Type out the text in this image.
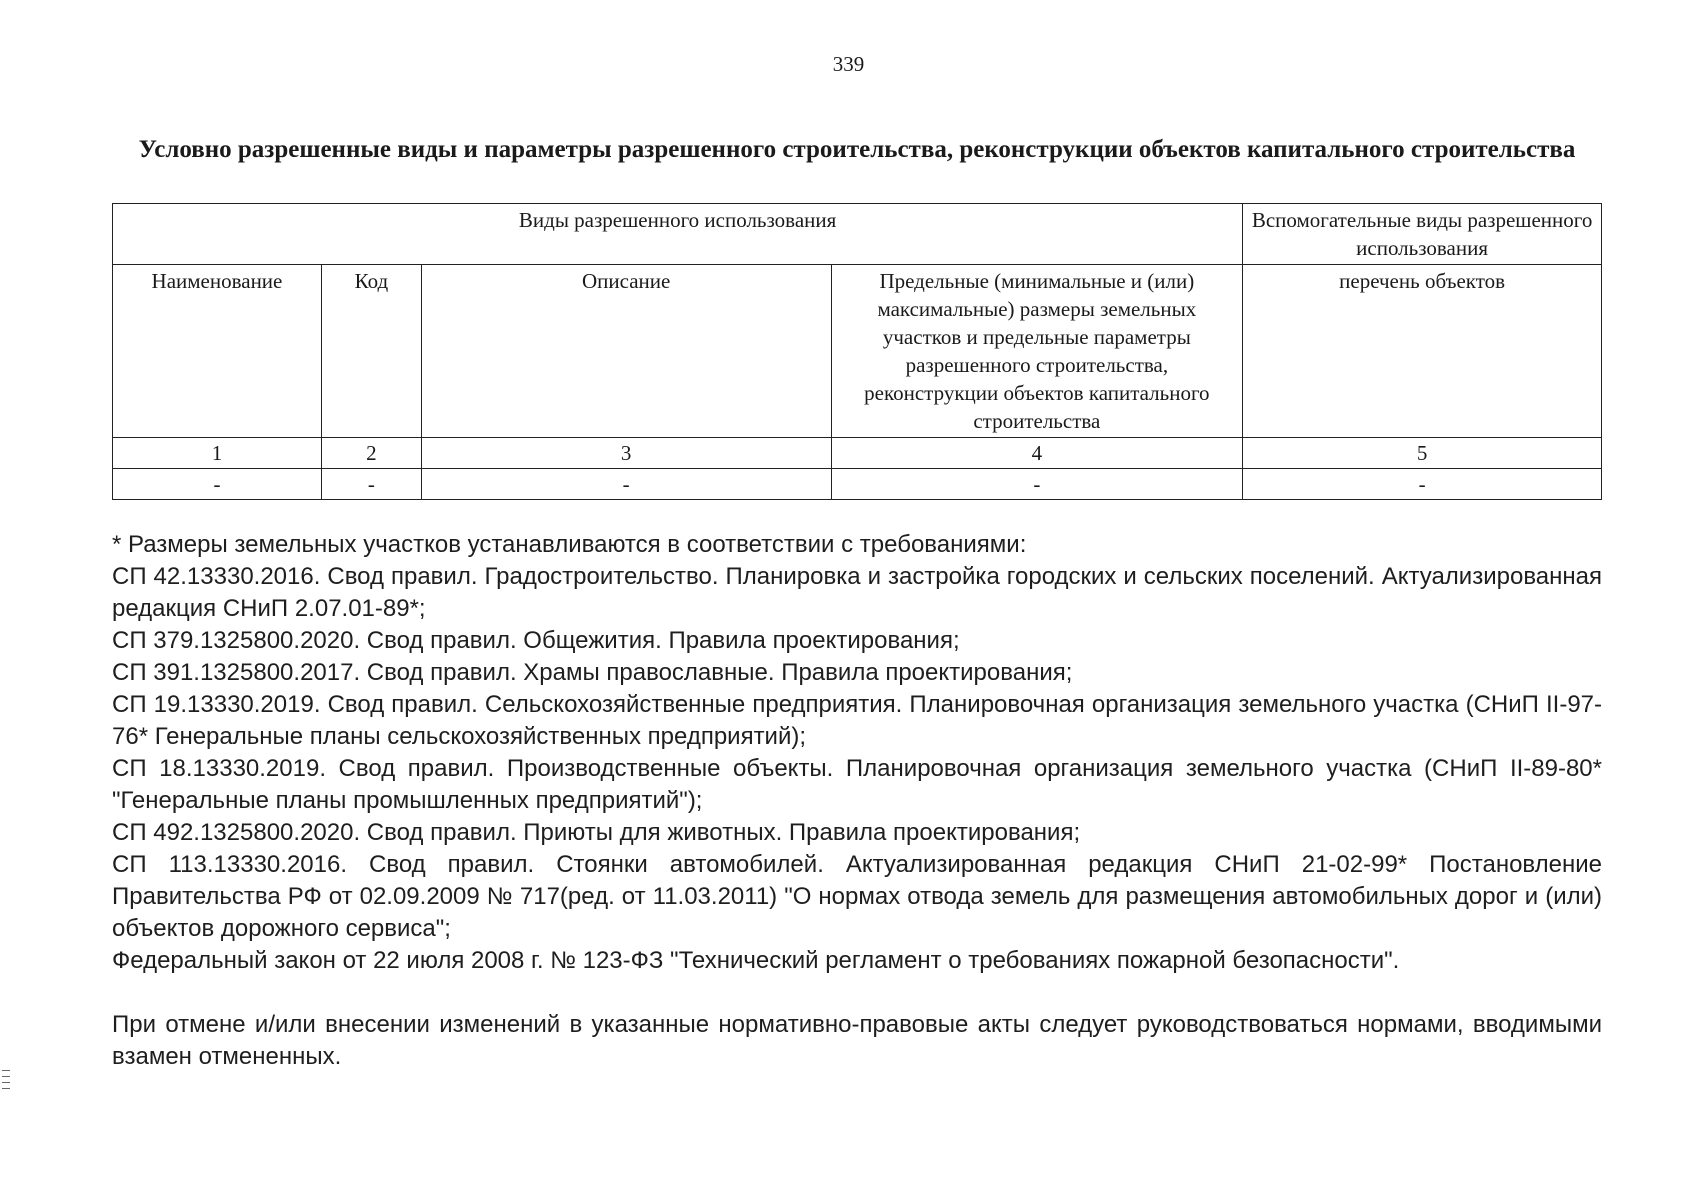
339
Условно разрешенные виды и параметры разрешенного строительства, реконструкции объектов капитального строительства
Виды разрешенного использования				Вспомогательные виды разрешенного использования
Наименование	Код	Описание	Предельные (минимальные и (или) максимальные) размеры земельных участков и предельные параметры разрешенного строительства, реконструкции объектов капитального строительства	перечень объектов
1	2	3	4	5
-	-	-	-	-

* Размеры земельных участков устанавливаются в соответствии с требованиями:

СП 42.13330.2016. Свод правил. Градостроительство. Планировка и застройка городских и сельских поселений. Актуализированная редакция СНиП 2.07.01-89*;

СП 379.1325800.2020. Свод правил. Общежития. Правила проектирования;

СП 391.1325800.2017. Свод правил. Храмы православные. Правила проектирования;

СП 19.13330.2019. Свод правил. Сельскохозяйственные предприятия. Планировочная организация земельного участка (СНиП II-97-76* Генеральные планы сельскохозяйственных предприятий);

СП 18.13330.2019. Свод правил. Производственные объекты. Планировочная организация земельного участка (СНиП II-89-80* "Генеральные планы промышленных предприятий");

СП 492.1325800.2020. Свод правил. Приюты для животных. Правила проектирования;

СП 113.13330.2016. Свод правил. Стоянки автомобилей. Актуализированная редакция СНиП 21-02-99* Постановление Правительства РФ от 02.09.2009 № 717(ред. от 11.03.2011) "О нормах отвода земель для размещения автомобильных дорог и (или) объектов дорожного сервиса";

Федеральный закон от 22 июля 2008 г. № 123-ФЗ "Технический регламент о требованиях пожарной безопасности".

При отмене и/или внесении изменений в указанные нормативно-правовые акты следует руководствоваться нормами, вводимыми взамен отмененных.
